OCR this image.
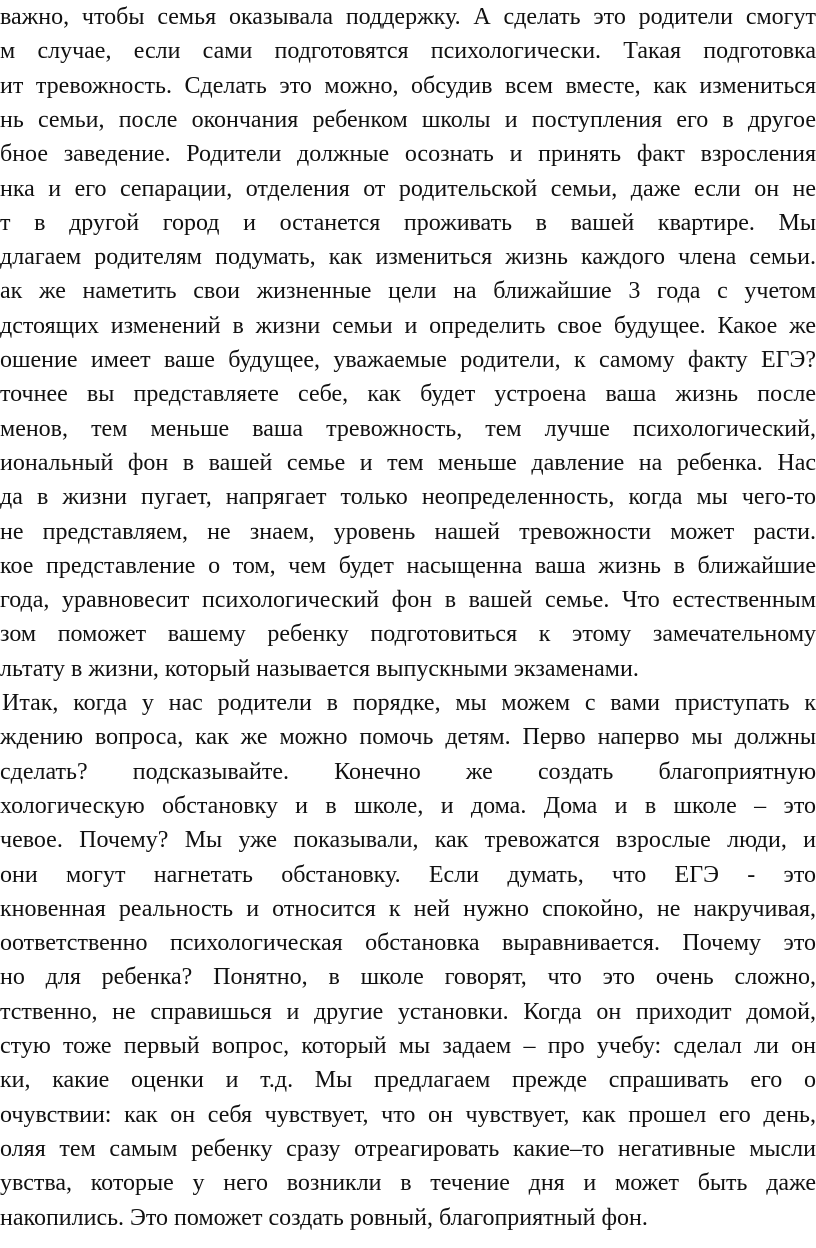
важно, чтобы семья оказывала поддержку. А сделать это родители смогут
м случае, если сами подготовятся психологически. Такая подготовка
ит тревожность. Сделать это можно, обсудив всем вместе, как измениться
нь семьи, после окончания ребенком школы и поступления его в другое
бное заведение. Родители должные осознать и принять факт взросления
нка и его сепарации, отделения от родительской семьи, даже если он не
т в другой город и останется проживать в вашей квартире. Мы
длагаем родителям подумать, как измениться жизнь каждого члена семьи.
ак же наметить свои жизненные цели на ближайшие 3 года с учетом
дстоящих изменений в жизни семьи и определить свое будущее. Какое же
ошение имеет ваше будущее, уважаемые родители, к самому факту ЕГЭ?
точнее вы представляете себе, как будет устроена ваша жизнь после
менов, тем меньше ваша тревожность, тем лучше психологический,
иональный фон в вашей семье и тем меньше давление на ребенка. Нас
да в жизни пугает, напрягает только неопределенность, когда мы чего-то
не представляем, не знаем, уровень нашей тревожности может расти.
кое представление о том, чем будет насыщенна ваша жизнь в ближайшие
года, уравновесит психологический фон в вашей семье. Что естественным
зом поможет вашему ребенку подготовиться к этому замечательному
льтату в жизни, который называется выпускными экзаменами.
Итак, когда у нас родители в порядке, мы можем с вами приступать к
ждению вопроса, как же можно помочь детям. Перво наперво мы должны
сделать? подсказывайте. Конечно же создать благоприятную
хологическую обстановку и в школе, и дома. Дома и в школе – это
чевое. Почему? Мы уже показывали, как тревожатся взрослые люди, и
они могут нагнетать обстановку. Если думать, что ЕГЭ - это
кновенная реальность и относится к ней нужно спокойно, не накручивая,
оответственно психологическая обстановка выравнивается. Почему это
но для ребенка? Понятно, в школе говорят, что это очень сложно,
тственно, не справишься и другие установки. Когда он приходит домой,
стую тоже первый вопрос, который мы задаем – про учебу: сделал ли он
ки, какие оценки и т.д. Мы предлагаем прежде спрашивать его о
очувствии: как он себя чувствует, что он чувствует, как прошел его день,
оляя тем самым ребенку сразу отреагировать какие–то негативные мысли
увства, которые у него возникли в течение дня и может быть даже
накопились. Это поможет создать ровный, благоприятный фон.
